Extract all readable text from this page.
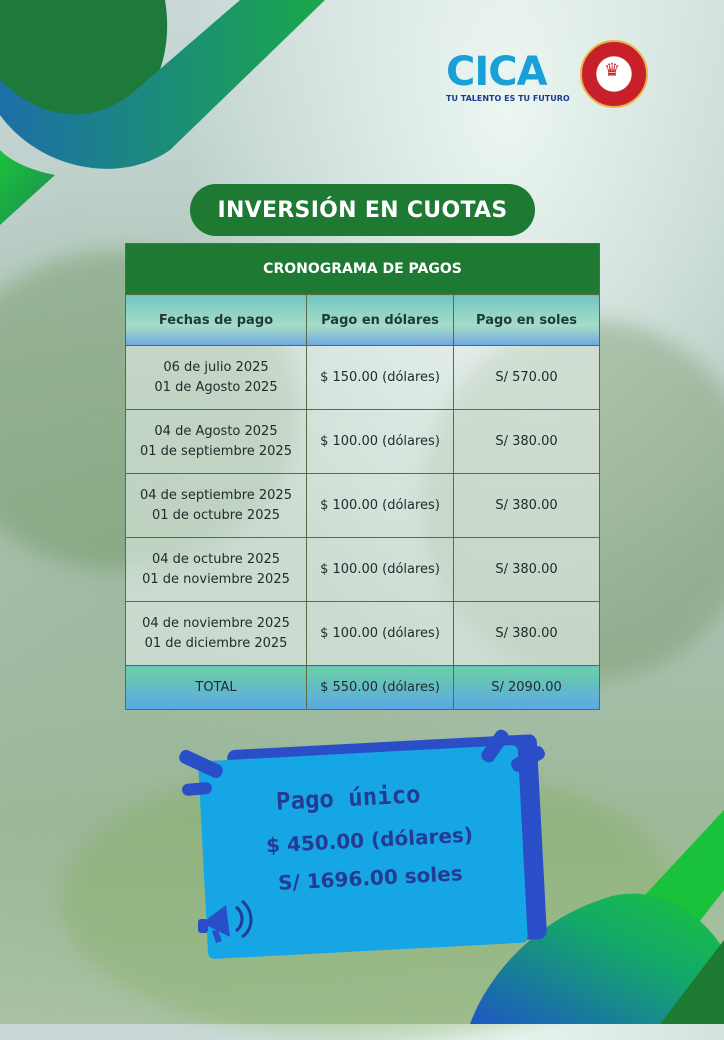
CICA
TU TALENTO ES TU FUTURO
♛
INVERSIÓN EN CUOTAS
CRONOGRAMA DE PAGOS		
Fechas de pago	Pago en dólares	Pago en soles
06 de julio 2025
01 de Agosto 2025	$ 150.00 (dólares)	S/ 570.00
04 de Agosto 2025
01 de septiembre 2025	$ 100.00 (dólares)	S/ 380.00
04 de septiembre 2025
01 de octubre 2025	$ 100.00 (dólares)	S/ 380.00
04 de octubre 2025
01 de noviembre 2025	$ 100.00 (dólares)	S/ 380.00
04 de noviembre 2025
01 de diciembre 2025	$ 100.00 (dólares)	S/ 380.00
TOTAL	$ 550.00 (dólares)	S/ 2090.00
Pago único
$ 450.00 (dólares)
S/ 1696.00 soles
